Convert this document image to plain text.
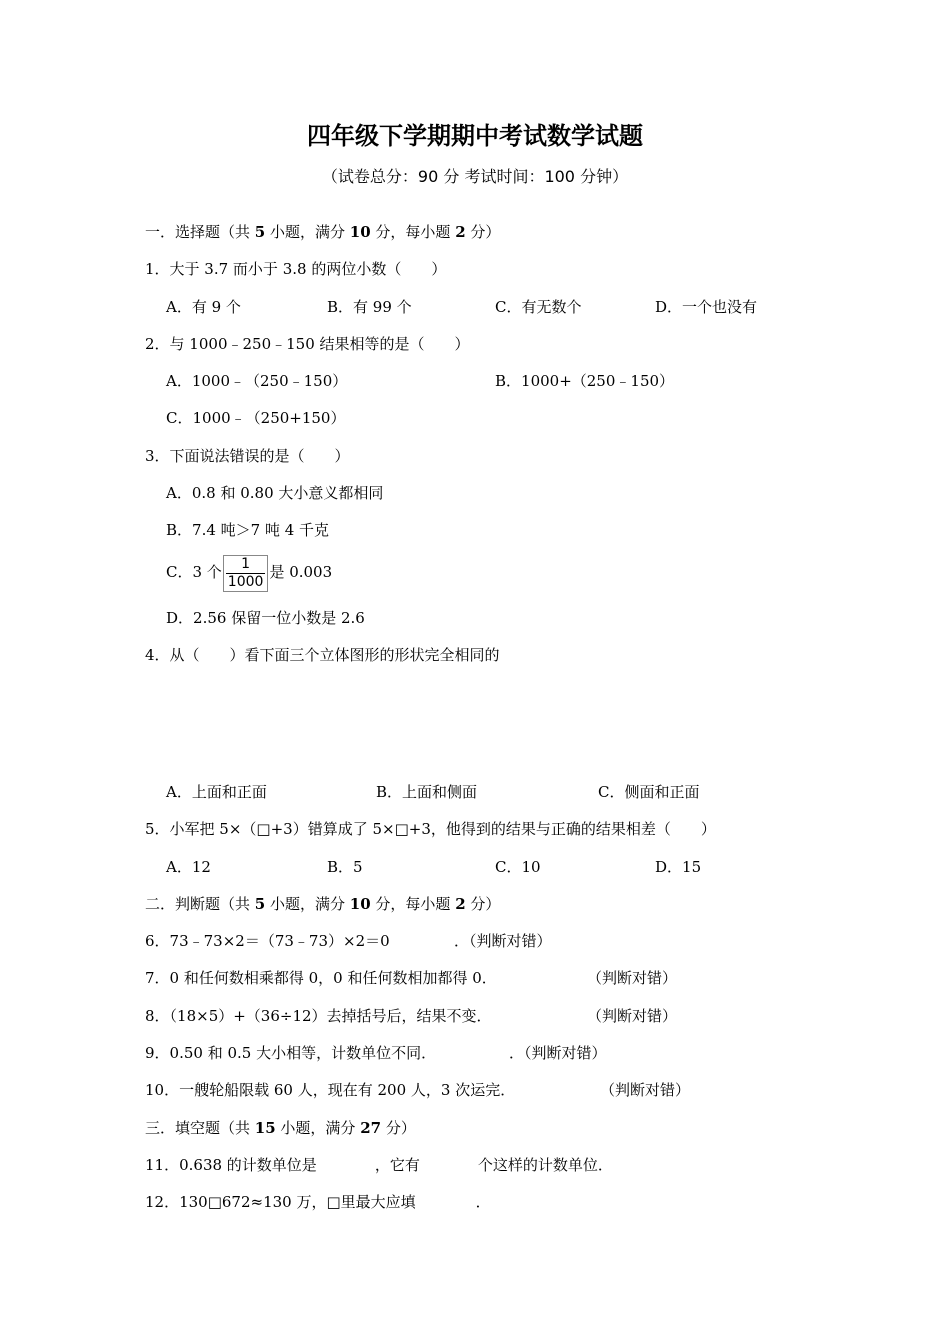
四年级下学期期中考试数学试题
（试卷总分：90 分 考试时间：100 分钟）
一．选择题（共 5 小题，满分 10 分，每小题 2 分）
1．大于 3.7 而小于 3.8 的两位小数（　　）
A．有 9 个	B．有 99 个	C．有无数个	D．一个也没有
2．与 1000﹣250﹣150 结果相等的是（　　）
A．1000﹣（250﹣150）	B．1000+（250﹣150）
C．1000﹣（250+150）
3．下面说法错误的是（　　）
A．0.8 和 0.80 大小意义都相同
B．7.4 吨＞7 吨 4 千克
C．3 个 $\frac{1}{1000}$ 是 0.003
D．2.56 保留一位小数是 2.6
4．从（　　）看下面三个立体图形的形状完全相同的
A．上面和正面	B．上面和侧面	C．侧面和正面
5．小军把 5×（□+3）错算成了 5×□+3，他得到的结果与正确的结果相差（　　）
A．12	B．5	C．10	D．15
二．判断题（共 5 小题，满分 10 分，每小题 2 分）
6．73﹣73×2＝（73﹣73）×2＝0	．（判断对错）
7．0 和任何数相乘都得 0，0 和任何数相加都得 0．	（判断对错）
8．（18×5）+（36÷12）去掉括号后，结果不变．	（判断对错）
9．0.50 和 0.5 大小相等，计数单位不同．	．（判断对错）
10．一艘轮船限载 60 人，现在有 200 人，3 次运完．	（判断对错）
三．填空题（共 15 小题，满分 27 分）
11．0.638 的计数单位是	，它有	个这样的计数单位．
12．130□672≈130 万，□里最大应填	．
